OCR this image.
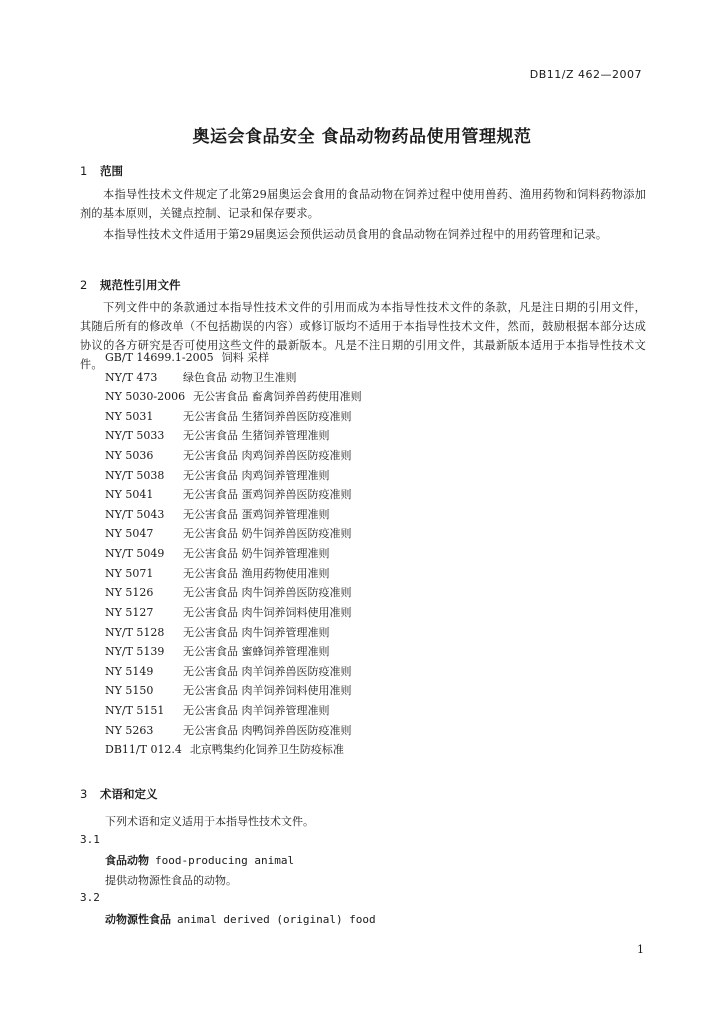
DB11/Z 462—2007
奥运会食品安全 食品动物药品使用管理规范
1 范围

本指导性技术文件规定了北第29届奥运会食用的食品动物在饲养过程中使用兽药、渔用药物和饲料药物添加剂的基本原则，关键点控制、记录和保存要求。

本指导性技术文件适用于第29届奥运会预供运动员食用的食品动物在饲养过程中的用药管理和记录。

2 规范性引用文件

下列文件中的条款通过本指导性技术文件的引用而成为本指导性技术文件的条款，凡是注日期的引用文件，其随后所有的修改单（不包括勘误的内容）或修订版均不适用于本指导性技术文件，然而，鼓励根据本部分达成协议的各方研究是否可使用这些文件的最新版本。凡是不注日期的引用文件，其最新版本适用于本指导性技术文件。

GB/T 14699.1-2005 饲料 采样
NY/T 473 绿色食品 动物卫生准则
NY 5030-2006 无公害食品 畜禽饲养兽药使用准则
NY 5031	无公害食品 生猪饲养兽医防疫准则
NY/T 5033 无公害食品 生猪饲养管理准则
NY 5036	无公害食品 肉鸡饲养兽医防疫准则
NY/T 5038 无公害食品 肉鸡饲养管理准则
NY 5041	无公害食品 蛋鸡饲养兽医防疫准则
NY/T 5043 无公害食品 蛋鸡饲养管理准则
NY 5047	无公害食品 奶牛饲养兽医防疫准则
NY/T 5049 无公害食品 奶牛饲养管理准则
NY 5071	无公害食品 渔用药物使用准则
NY 5126	无公害食品 肉牛饲养兽医防疫准则
NY 5127	无公害食品 肉牛饲养饲料使用准则
NY/T 5128 无公害食品 肉牛饲养管理准则
NY/T 5139 无公害食品 蜜蜂饲养管理准则
NY 5149	无公害食品 肉羊饲养兽医防疫准则
NY 5150	无公害食品 肉羊饲养饲料使用准则
NY/T 5151 无公害食品 肉羊饲养管理准则
NY 5263	无公害食品 肉鸭饲养兽医防疫准则
DB11/T 012.4 北京鸭集约化饲养卫生防疫标准
3 术语和定义

下列术语和定义适用于本指导性技术文件。

3.1
食品动物 food-producing animal

提供动物源性食品的动物。

3.2
动物源性食品 animal derived (original) food
1
